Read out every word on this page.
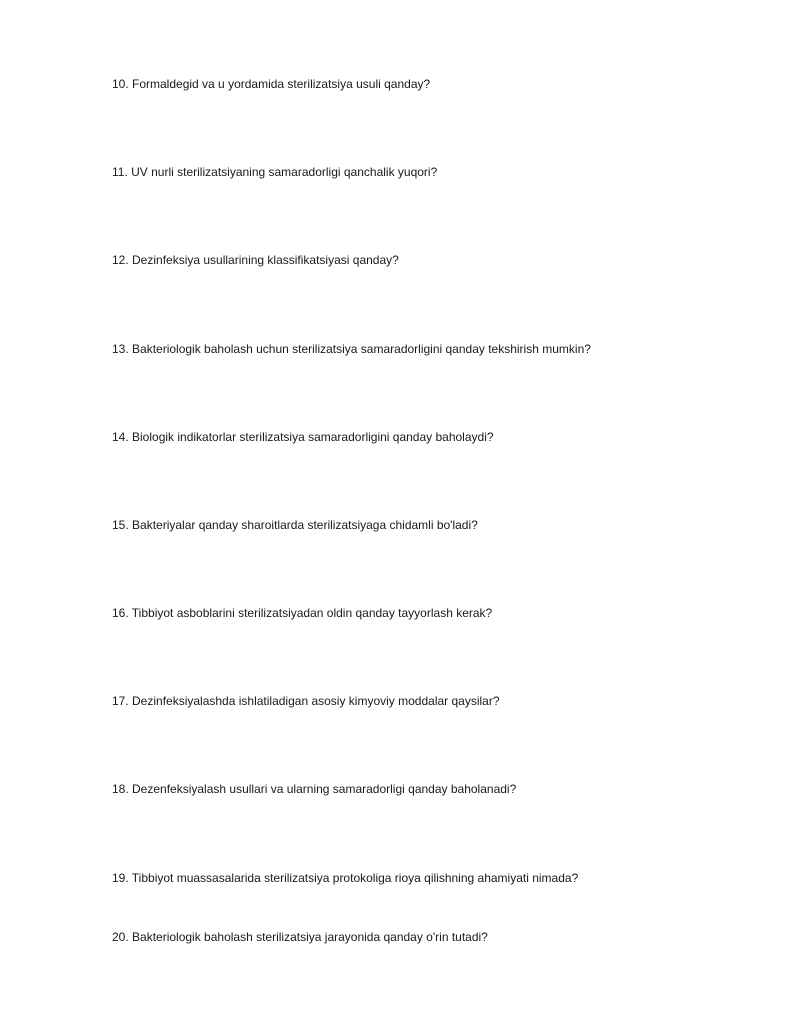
10. Formaldegid va u yordamida sterilizatsiya usuli qanday?

11. UV nurli sterilizatsiyaning samaradorligi qanchalik yuqori?

12. Dezinfeksiya usullarining klassifikatsiyasi qanday?

13. Bakteriologik baholash uchun sterilizatsiya samaradorligini qanday tekshirish mumkin?

14. Biologik indikatorlar sterilizatsiya samaradorligini qanday baholaydi?

15. Bakteriyalar qanday sharoitlarda sterilizatsiyaga chidamli bo'ladi?

16. Tibbiyot asboblarini sterilizatsiyadan oldin qanday tayyorlash kerak?

17. Dezinfeksiyalashda ishlatiladigan asosiy kimyoviy moddalar qaysilar?

18. Dezenfeksiyalash usullari va ularning samaradorligi qanday baholanadi?

19. Tibbiyot muassasalarida sterilizatsiya protokoliga rioya qilishning ahamiyati nimada?

20. Bakteriologik baholash sterilizatsiya jarayonida qanday o'rin tutadi?
